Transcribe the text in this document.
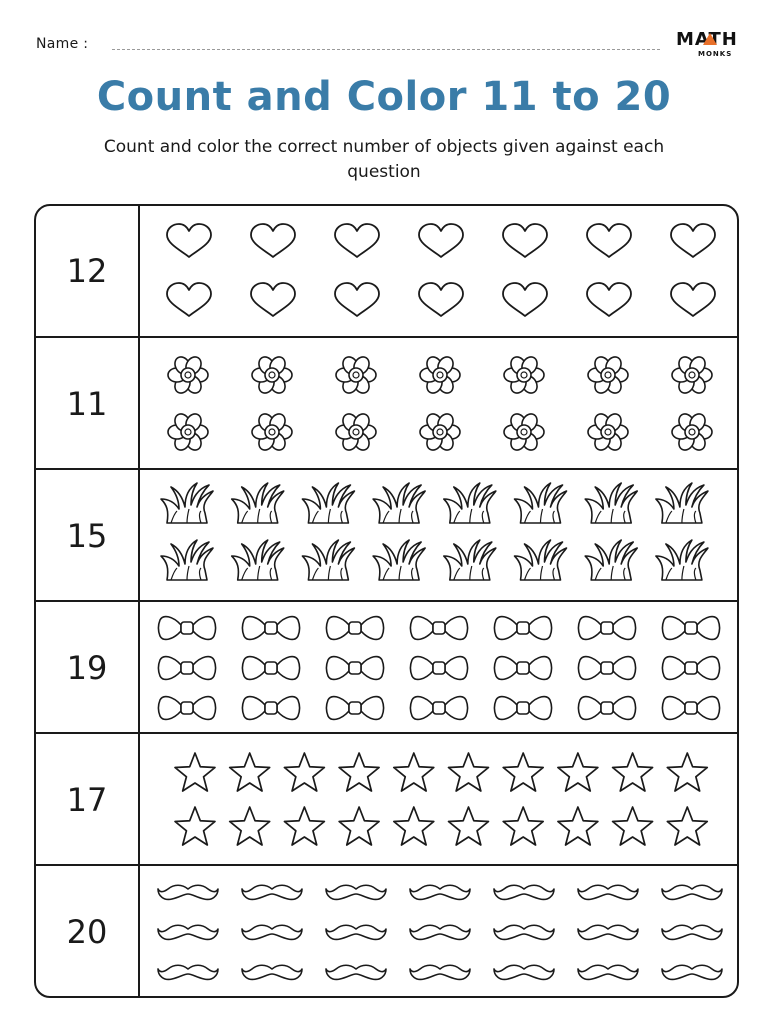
Name :	MATH
MONKS
Count and Color 11 to 20
Count and color the correct number of objects given against each question
12
11
15
19
17
20
